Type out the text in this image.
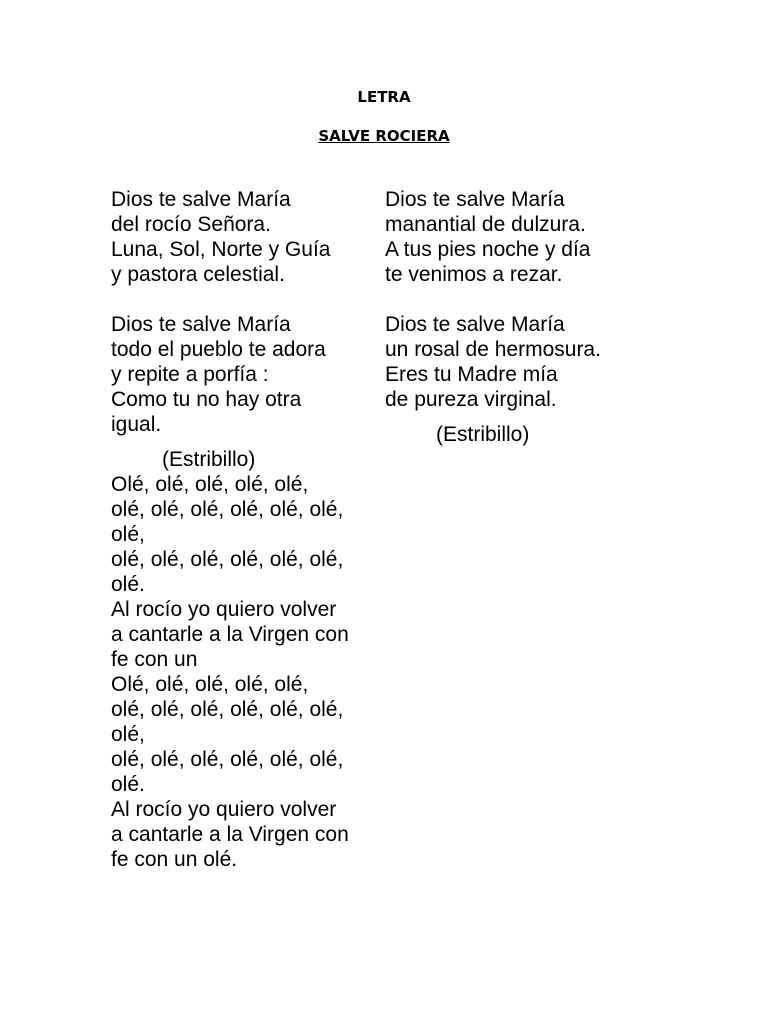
LETRA
SALVE ROCIERA
Dios te salve María
del rocío Señora.
Luna, Sol, Norte y Guía
y pastora celestial.
Dios te salve María
todo el pueblo te adora
y repite a porfía :
Como tu no hay otra
igual.
(Estribillo)
Olé, olé, olé, olé, olé,
olé, olé, olé, olé, olé, olé,
olé,
olé, olé, olé, olé, olé, olé,
olé.
Al rocío yo quiero volver
a cantarle a la Virgen con
fe con un
Olé, olé, olé, olé, olé,
olé, olé, olé, olé, olé, olé,
olé,
olé, olé, olé, olé, olé, olé,
olé.
Al rocío yo quiero volver
a cantarle a la Virgen con
fe con un olé.
Dios te salve María
manantial de dulzura.
A tus pies noche y día
te venimos a rezar.
Dios te salve María
un rosal de hermosura.
Eres tu Madre mía
de pureza virginal.
(Estribillo)
